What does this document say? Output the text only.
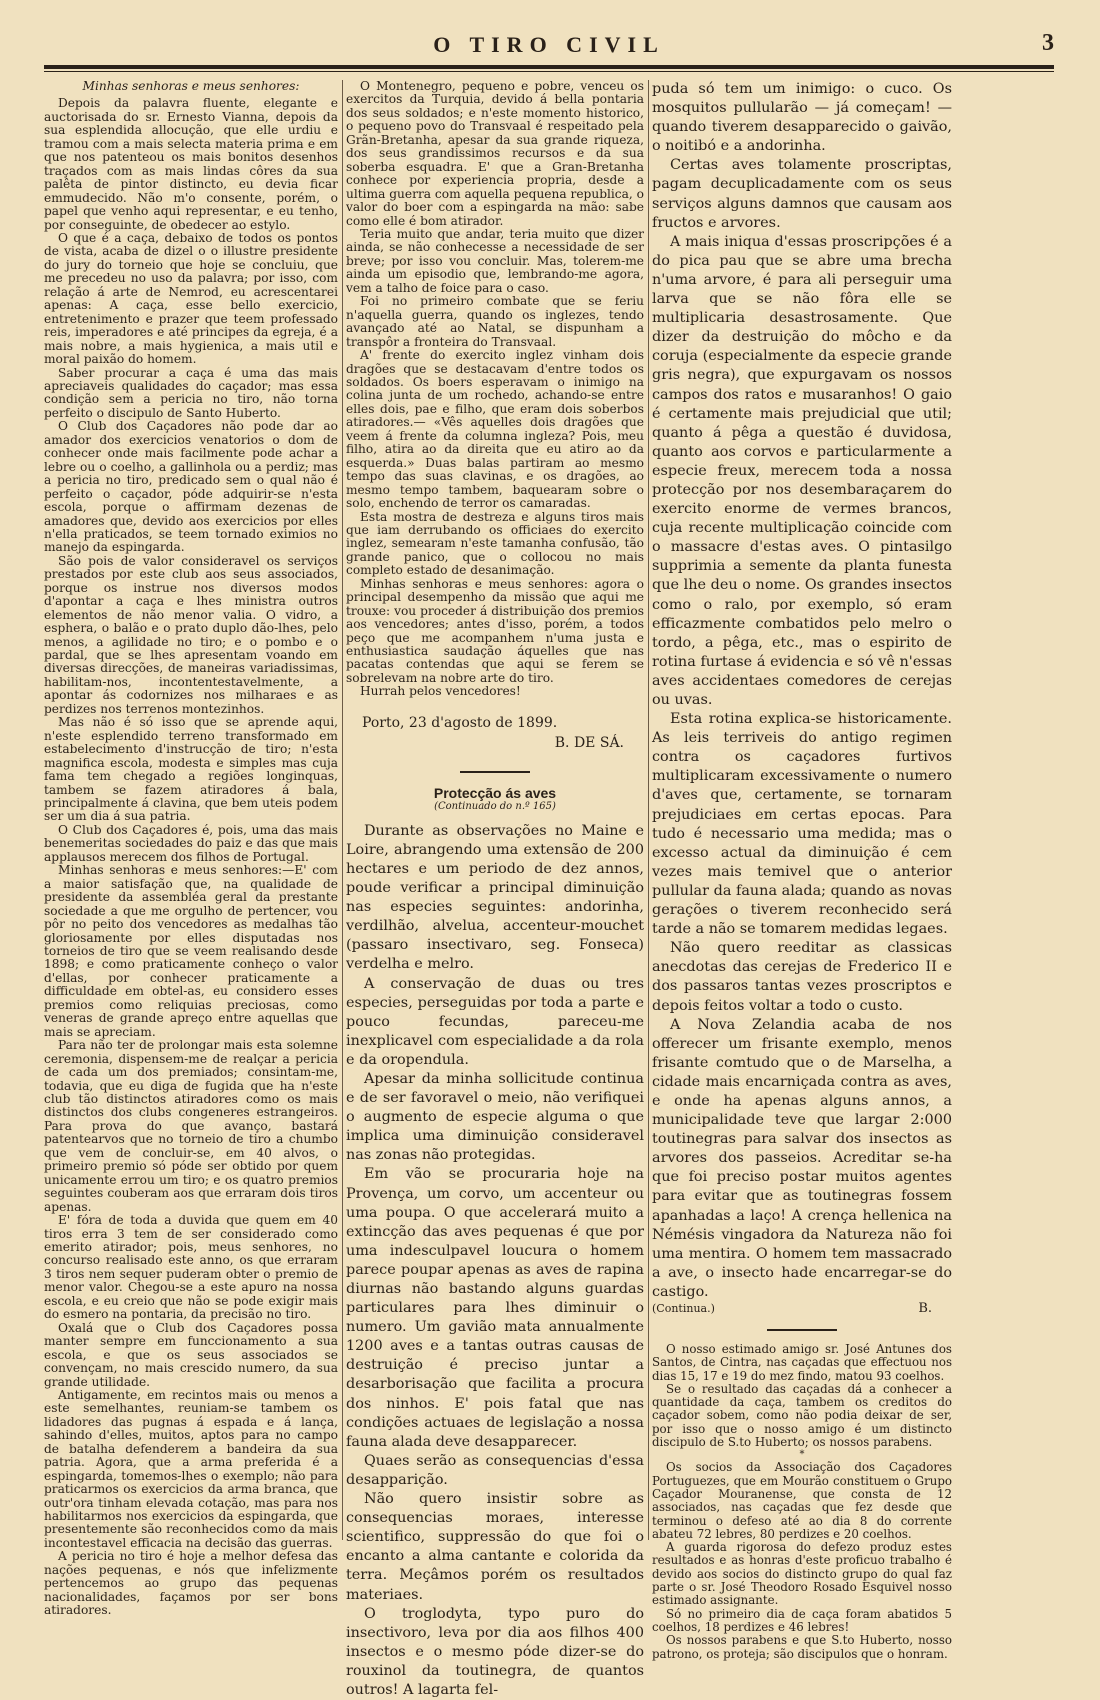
O TIRO CIVIL	3

Minhas senhoras e meus senhores:

Depois da palavra fluente, elegante e auctorisada do sr. Ernesto Vianna, depois da sua esplendida allocução, que elle urdiu e tramou com a mais selecta materia prima e em que nos patenteou os mais bonitos desenhos traçados com as mais lindas côres da sua palêta de pintor distincto, eu devia ficar emmudecido. Não m'o consente, porém, o papel que venho aqui representar, e eu tenho, por conseguinte, de obedecer ao estylo.

O que é a caça, debaixo de todos os pontos de vista, acaba de dizel o o illustre presidente do jury do torneio que hoje se concluiu, que me precedeu no uso da palavra; por isso, com relação á arte de Nemrod, eu acrescentarei apenas: A caça, esse bello exercicio, entretenimento e prazer que teem professado reis, imperadores e até principes da egreja, é a mais nobre, a mais hygienica, a mais util e moral paixão do homem.

Saber procurar a caça é uma das mais apreciaveis qualidades do caçador; mas essa condição sem a pericia no tiro, não torna perfeito o discipulo de Santo Huberto.

O Club dos Caçadores não pode dar ao amador dos exercicios venatorios o dom de conhecer onde mais facilmente pode achar a lebre ou o coelho, a gallinhola ou a perdiz; mas a pericia no tiro, predicado sem o qual não é perfeito o caçador, póde adquirir-se n'esta escola, porque o affirmam dezenas de amadores que, devido aos exercicios por elles n'ella praticados, se teem tornado eximios no manejo da espingarda.

São pois de valor consideravel os serviços prestados por este club aos seus associados, porque os instrue nos diversos modos d'apontar a caça e lhes ministra outros elementos de não menor valia. O vidro, a esphera, o balão e o prato duplo dão-lhes, pelo menos, a agilidade no tiro; e o pombo e o pardal, que se lhes apresentam voando em diversas direcções, de maneiras variadissimas, habilitam-nos, incontentestavelmente, a apontar ás codornizes nos milharaes e as perdizes nos terrenos montezinhos.

Mas não é só isso que se aprende aqui, n'este esplendido terreno transformado em estabelecimento d'instrucção de tiro; n'esta magnifica escola, modesta e simples mas cuja fama tem chegado a regiões longinquas, tambem se fazem atiradores á bala, principalmente á clavina, que bem uteis podem ser um dia á sua patria.

O Club dos Caçadores é, pois, uma das mais benemeritas sociedades do paiz e das que mais applausos merecem dos filhos de Portugal.

Minhas senhoras e meus senhores:—E' com a maior satisfação que, na qualidade de presidente da assembléa geral da prestante sociedade a que me orgulho de pertencer, vou pôr no peito dos vencedores as medalhas tão gloriosamente por elles disputadas nos torneios de tiro que se veem realisando desde 1898; e como praticamente conheço o valor d'ellas, por conhecer praticamente a difficuldade em obtel-as, eu considero esses premios como reliquias preciosas, como veneras de grande apreço entre aquellas que mais se apreciam.

Para não ter de prolongar mais esta solemne ceremonia, dispensem-me de realçar a pericia de cada um dos premiados; consintam-me, todavia, que eu diga de fugida que ha n'este club tão distinctos atiradores como os mais distinctos dos clubs congeneres estrangeiros. Para prova do que avanço, bastará patentearvos que no torneio de tiro a chumbo que vem de concluir-se, em 40 alvos, o primeiro premio só póde ser obtido por quem unicamente errou um tiro; e os quatro premios seguintes couberam aos que erraram dois tiros apenas.

E' fóra de toda a duvida que quem em 40 tiros erra 3 tem de ser considerado como emerito atirador; pois, meus senhores, no concurso realisado este anno, os que erraram 3 tiros nem sequer puderam obter o premio de menor valor. Chegou-se a este apuro na nossa escola, e eu creio que não se pode exigir mais do esmero na pontaria, da precisão no tiro.

Oxalá que o Club dos Caçadores possa manter sempre em funccionamento a sua escola, e que os seus associados se convençam, no mais crescido numero, da sua grande utilidade.

Antigamente, em recintos mais ou menos a este semelhantes, reuniam-se tambem os lidadores das pugnas á espada e á lança, sahindo d'elles, muitos, aptos para no campo de batalha defenderem a bandeira da sua patria. Agora, que a arma preferida é a espingarda, tomemos-lhes o exemplo; não para praticarmos os exercicios da arma branca, que outr'ora tinham elevada cotação, mas para nos habilitarmos nos exercicios da espingarda, que presentemente são reconhecidos como da mais incontestavel efficacia na decisão das guerras.

A pericia no tiro é hoje a melhor defesa das nações pequenas, e nós que infelizmente pertencemos ao grupo das pequenas nacionalidades, façamos por ser bons atiradores.

O Montenegro, pequeno e pobre, venceu os exercitos da Turquia, devido á bella pontaria dos seus soldados; e n'este momento historico, o pequeno povo do Transvaal é respeitado pela Grãn-Bretanha, apesar da sua grande riqueza, dos seus grandissimos recursos e da sua soberba esquadra. E' que a Gran-Bretanha conhece por experiencia propria, desde a ultima guerra com aquella pequena republica, o valor do boer com a espingarda na mão: sabe como elle é bom atirador.

Teria muito que andar, teria muito que dizer ainda, se não conhecesse a necessidade de ser breve; por isso vou concluir. Mas, tolerem-me ainda um episodio que, lembrando-me agora, vem a talho de foice para o caso.

Foi no primeiro combate que se feriu n'aquella guerra, quando os inglezes, tendo avançado até ao Natal, se dispunham a transpôr a fronteira do Transvaal.

A' frente do exercito inglez vinham dois dragões que se destacavam d'entre todos os soldados. Os boers esperavam o inimigo na colina junta de um rochedo, achando-se entre elles dois, pae e filho, que eram dois soberbos atiradores.— «Vês aquelles dois dragões que veem á frente da columna ingleza? Pois, meu filho, atira ao da direita que eu atiro ao da esquerda.» Duas balas partiram ao mesmo tempo das suas clavinas, e os dragões, ao mesmo tempo tambem, baquearam sobre o solo, enchendo de terror os camaradas.

Esta mostra de destreza e alguns tiros mais que iam derrubando os officiaes do exercito inglez, semearam n'este tamanha confusão, tão grande panico, que o collocou no mais completo estado de desanimação.

Minhas senhoras e meus senhores: agora o principal desempenho da missão que aqui me trouxe: vou proceder á distribuição dos premios aos vencedores; antes d'isso, porém, a todos peço que me acompanhem n'uma justa e enthusiastica saudação áquelles que nas pacatas contendas que aqui se ferem se sobrelevam na nobre arte do tiro.

Hurrah pelos vencedores!

Porto, 23 d'agosto de 1899.
B. DE SÁ.
Protecção ás aves
(Continuado do n.º 165)

Durante as observações no Maine e Loire, abrangendo uma extensão de 200 hectares e um periodo de dez annos, poude verificar a principal diminuição nas especies seguintes: andorinha, verdilhão, alvelua, accenteur-mouchet (passaro insectivaro, seg. Fonseca) verdelha e melro.

A conservação de duas ou tres especies, perseguidas por toda a parte e pouco fecundas, pareceu-me inexplicavel com especialidade a da rola e da oropendula.

Apesar da minha sollicitude continua e de ser favoravel o meio, não verifiquei o augmento de especie alguma o que implica uma diminuição consideravel nas zonas não protegidas.

Em vão se procuraria hoje na Provença, um corvo, um accenteur ou uma poupa. O que accelerará muito a extincção das aves pequenas é que por uma indesculpavel loucura o homem parece poupar apenas as aves de rapina diurnas não bastando alguns guardas particulares para lhes diminuir o numero. Um gavião mata annualmente 1200 aves e a tantas outras causas de destruição é preciso juntar a desarborisação que facilita a procura dos ninhos. E' pois fatal que nas condições actuaes de legislação a nossa fauna alada deve desapparecer.

Quaes serão as consequencias d'essa desapparição.

Não quero insistir sobre as consequencias moraes, interesse scientifico, suppressão do que foi o encanto a alma cantante e colorida da terra. Meçâmos porém os resultados materiaes.

O troglodyta, typo puro do insectivoro, leva por dia aos filhos 400 insectos e o mesmo póde dizer-se do rouxinol da toutinegra, de quantos outros! A lagarta fel-

puda só tem um inimigo: o cuco. Os mosquitos pullularão — já começam! — quando tiverem desapparecido o gaivão, o noitibó e a andorinha.

Certas aves tolamente proscriptas, pagam decuplicadamente com os seus serviços alguns damnos que causam aos fructos e arvores.

A mais iniqua d'essas proscripções é a do pica pau que se abre uma brecha n'uma arvore, é para ali perseguir uma larva que se não fôra elle se multiplicaria desastrosamente. Que dizer da destruição do môcho e da coruja (especialmente da especie grande gris negra), que expurgavam os nossos campos dos ratos e musaranhos! O gaio é certamente mais prejudicial que util; quanto á pêga a questão é duvidosa, quanto aos corvos e particularmente a especie freux, merecem toda a nossa protecção por nos desembaraçarem do exercito enorme de vermes brancos, cuja recente multiplicação coincide com o massacre d'estas aves. O pintasilgo supprimia a semente da planta funesta que lhe deu o nome. Os grandes insectos como o ralo, por exemplo, só eram efficazmente combatidos pelo melro o tordo, a pêga, etc., mas o espirito de rotina furtase á evidencia e só vê n'essas aves accidentaes comedores de cerejas ou uvas.

Esta rotina explica-se historicamente. As leis terriveis do antigo regimen contra os caçadores furtivos multiplicaram excessivamente o numero d'aves que, certamente, se tornaram prejudiciaes em certas epocas. Para tudo é necessario uma medida; mas o excesso actual da diminuição é cem vezes mais temivel que o anterior pullular da fauna alada; quando as novas gerações o tiverem reconhecido será tarde a não se tomarem medidas legaes.

Não quero reeditar as classicas anecdotas das cerejas de Frederico II e dos passaros tantas vezes proscriptos e depois feitos voltar a todo o custo.

A Nova Zelandia acaba de nos offerecer um frisante exemplo, menos frisante comtudo que o de Marselha, a cidade mais encarniçada contra as aves, e onde ha apenas alguns annos, a municipalidade teve que largar 2:000 toutinegras para salvar dos insectos as arvores dos passeios. Acreditar se-ha que foi preciso postar muitos agentes para evitar que as toutinegras fossem apanhadas a laço! A crença hellenica na Némésis vingadora da Natureza não foi uma mentira. O homem tem massacrado a ave, o insecto hade encarregar-se do castigo.

(Continua.)	B.

O nosso estimado amigo sr. José Antunes dos Santos, de Cintra, nas caçadas que effectuou nos dias 15, 17 e 19 do mez findo, matou 93 coelhos.

Se o resultado das caçadas dá a conhecer a quantidade da caça, tambem os creditos do caçador sobem, como não podia deixar de ser, por isso que o nosso amigo é um distincto discipulo de S.to Huberto; os nossos parabens.

*

Os socios da Associação dos Caçadores Portuguezes, que em Mourão constituem o Grupo Caçador Mouranense, que consta de 12 associados, nas caçadas que fez desde que terminou o defeso até ao dia 8 do corrente abateu 72 lebres, 80 perdizes e 20 coelhos.

A guarda rigorosa do defezo produz estes resultados e as honras d'este proficuo trabalho é devido aos socios do distincto grupo do qual faz parte o sr. José Theodoro Rosado Esquivel nosso estimado assignante.

Só no primeiro dia de caça foram abatidos 5 coelhos, 18 perdizes e 46 lebres!

Os nossos parabens e que S.to Huberto, nosso patrono, os proteja; são discipulos que o honram.
